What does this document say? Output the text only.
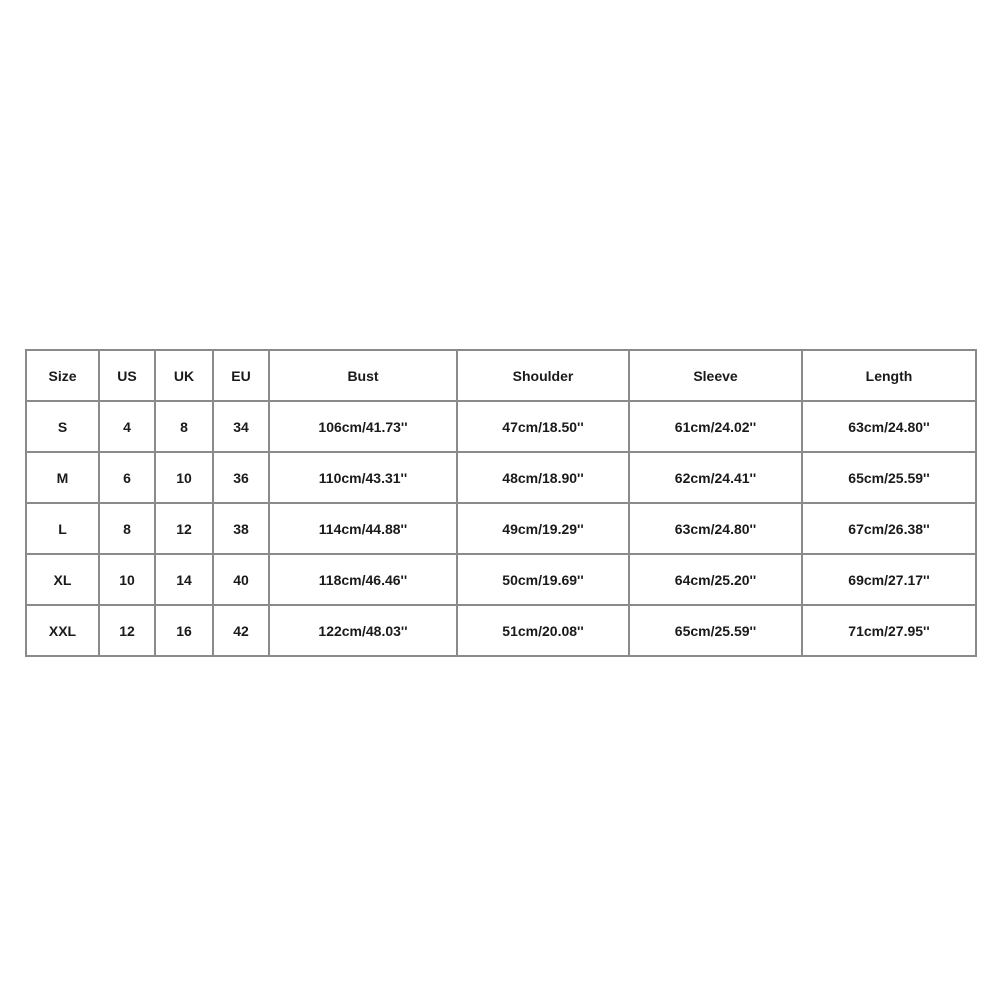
Size	US	UK	EU	Bust	Shoulder	Sleeve	Length
S	4	8	34	106cm/41.73''	47cm/18.50''	61cm/24.02''	63cm/24.80''
M	6	10	36	110cm/43.31''	48cm/18.90''	62cm/24.41''	65cm/25.59''
L	8	12	38	114cm/44.88''	49cm/19.29''	63cm/24.80''	67cm/26.38''
XL	10	14	40	118cm/46.46''	50cm/19.69''	64cm/25.20''	69cm/27.17''
XXL	12	16	42	122cm/48.03''	51cm/20.08''	65cm/25.59''	71cm/27.95''
